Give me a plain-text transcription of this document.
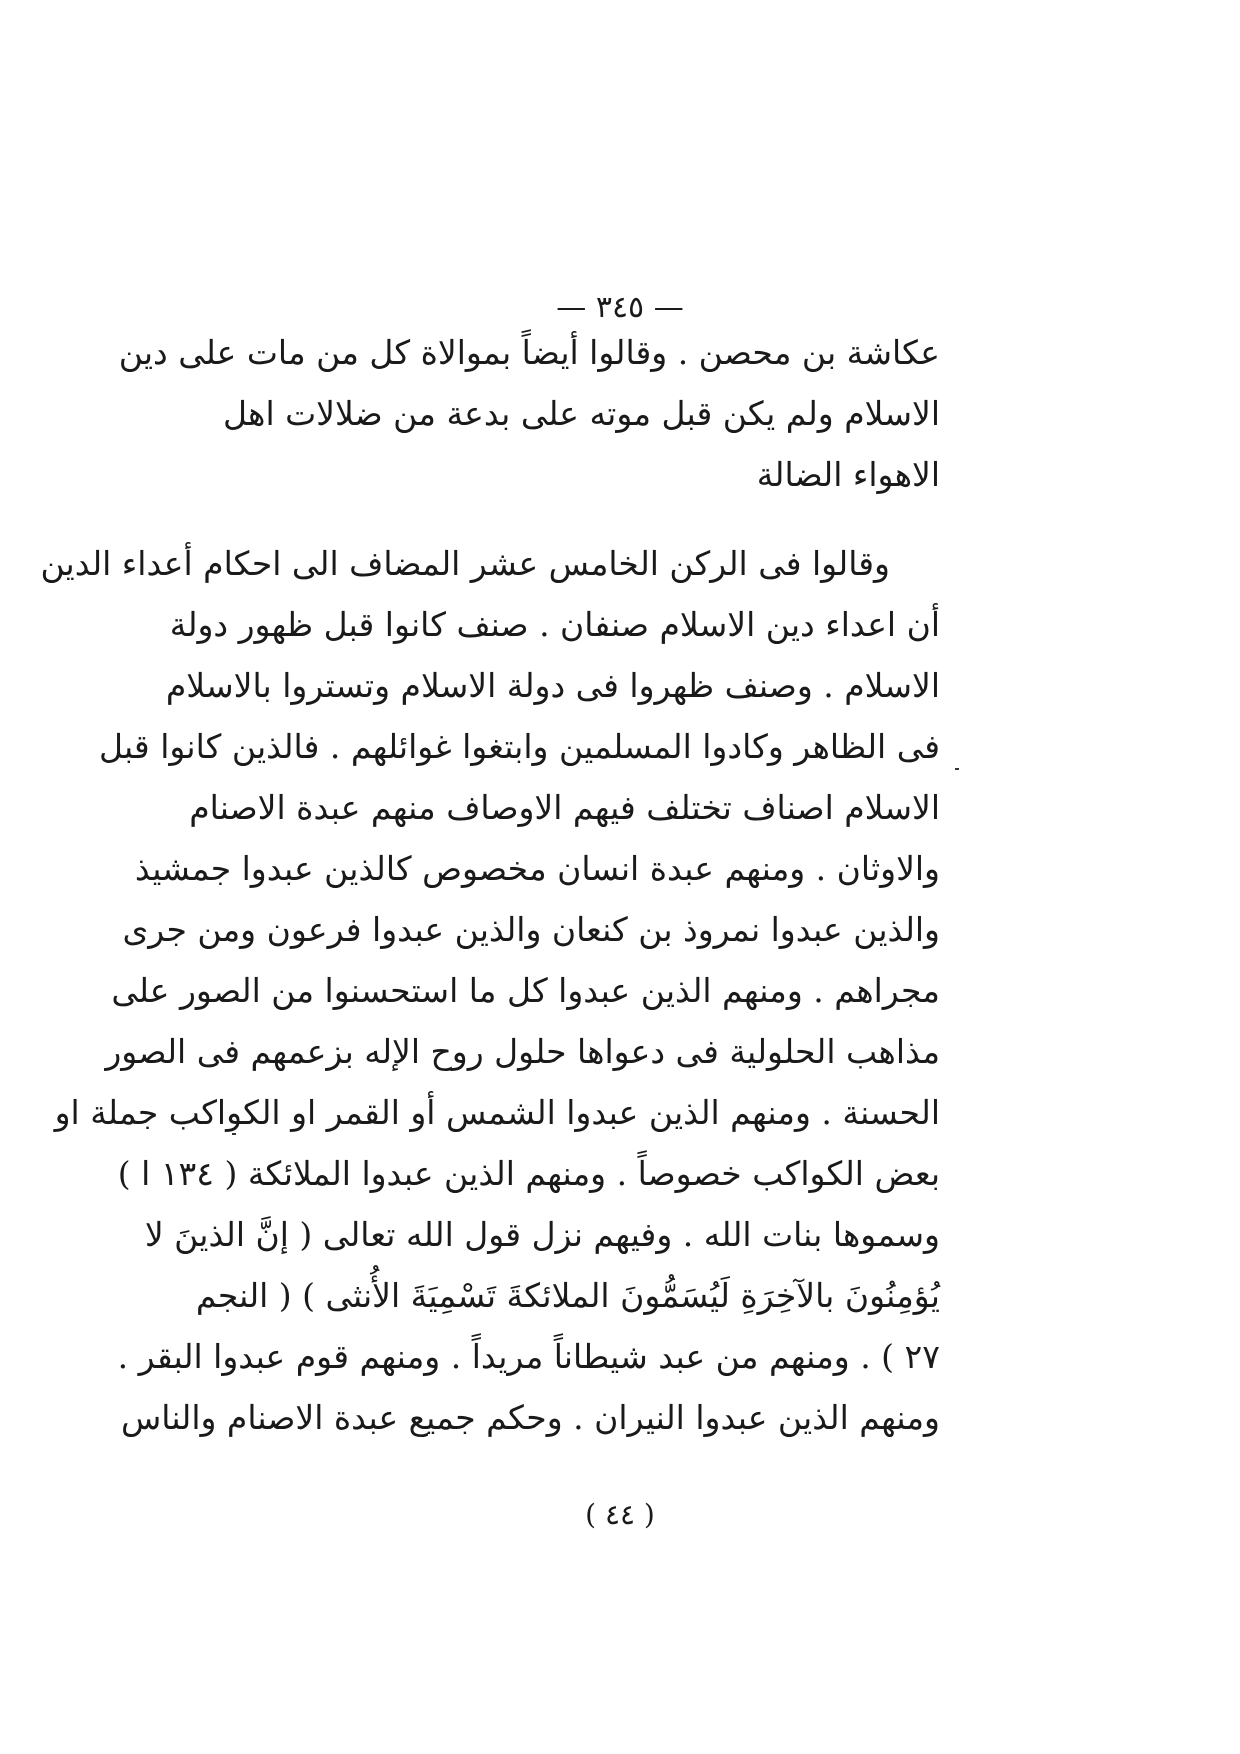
— ٣٤٥ —
عكاشة بن محصن . وقالوا أيضاً بموالاة كل من مات على دين
الاسلام ولم يكن قبل موته على بدعة من ضلالات اهل
الاهواء الضالة
وقالوا فى الركن الخامس عشر المضاف الى احكام أعداء الدين
أن اعداء دين الاسلام صنفان . صنف كانوا قبل ظهور دولة
الاسلام . وصنف ظهروا فى دولة الاسلام وتستروا بالاسلام
فى الظاهر وكادوا المسلمين وابتغوا غوائلهم . فالذين كانوا قبل
الاسلام اصناف تختلف فيهم الاوصاف منهم عبدة الاصنام
والاوثان . ومنهم عبدة انسان مخصوص كالذين عبدوا جمشيذ
والذين عبدوا نمروذ بن كنعان والذين عبدوا فرعون ومن جرى
مجراهم . ومنهم الذين عبدوا كل ما استحسنوا من الصور على
مذاهب الحلولية فى دعواها حلول روح الإله بزعمهم فى الصور
الحسنة . ومنهم الذين عبدوا الشمس أو القمر او الكواكب جملة او
بعض الكواكب خصوصاً . ومنهم الذين عبدوا الملائكة ( ١٣٤ ا )
وسموها بنات الله . وفيهم نزل قول الله تعالى ( إنَّ الذينَ لا
يُؤمِنُونَ بالآخِرَةِ لَيُسَمُّونَ الملائكةَ تَسْمِيَةَ الأُنثى ) ( النجم
٢٧ ) . ومنهم من عبد شيطاناً مريداً . ومنهم قوم عبدوا البقر .
ومنهم الذين عبدوا النيران . وحكم جميع عبدة الاصنام والناس
( ٤٤ )
